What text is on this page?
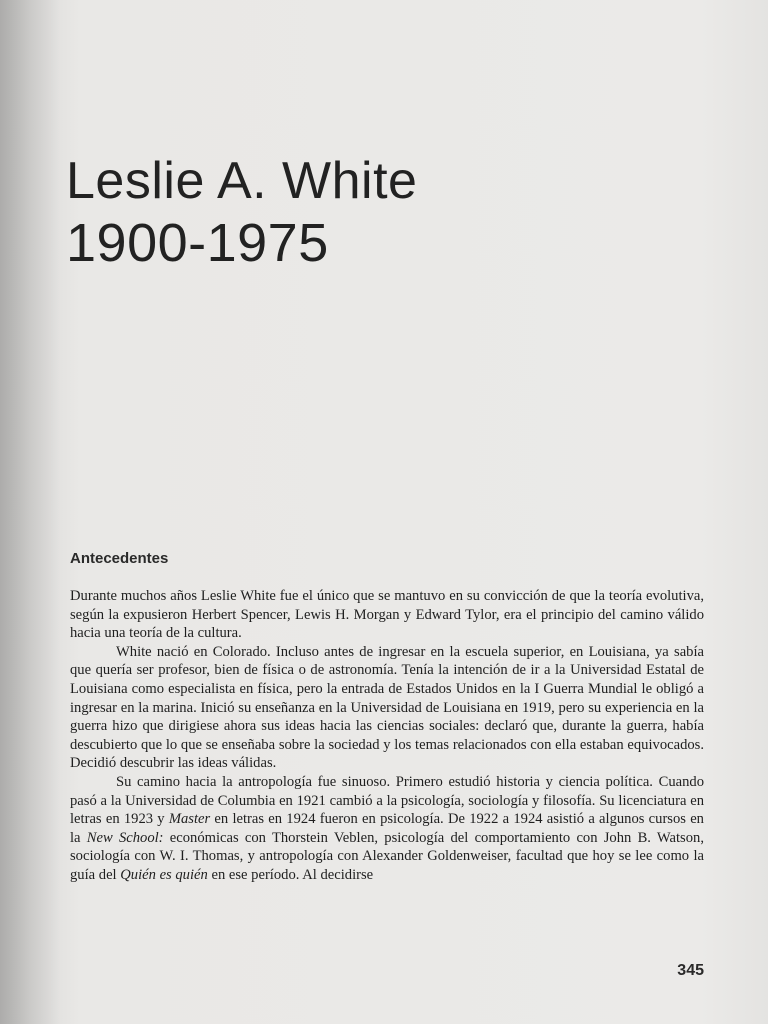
Leslie A. White
1900-1975
Antecedentes

Durante muchos años Leslie White fue el único que se mantuvo en su convicción de que la teoría evolutiva, según la expusieron Herbert Spencer, Lewis H. Morgan y Edward Tylor, era el principio del camino válido hacia una teoría de la cultura.

White nació en Colorado. Incluso antes de ingresar en la escuela superior, en Louisiana, ya sabía que quería ser profesor, bien de física o de astronomía. Tenía la intención de ir a la Universidad Estatal de Louisiana como especialista en física, pero la entrada de Estados Unidos en la I Guerra Mundial le obligó a ingresar en la marina. Inició su enseñanza en la Universidad de Louisiana en 1919, pero su experiencia en la guerra hizo que dirigiese ahora sus ideas hacia las ciencias sociales: declaró que, durante la guerra, había descubierto que lo que se enseñaba sobre la sociedad y los temas relacionados con ella estaban equivocados. Decidió descubrir las ideas válidas.

Su camino hacia la antropología fue sinuoso. Primero estudió historia y ciencia política. Cuando pasó a la Universidad de Columbia en 1921 cambió a la psicología, sociología y filosofía. Su licenciatura en letras en 1923 y Master en letras en 1924 fueron en psicología. De 1922 a 1924 asistió a algunos cursos en la New School: económicas con Thorstein Veblen, psicología del comportamiento con John B. Watson, sociología con W. I. Thomas, y antropología con Alexander Goldenweiser, facultad que hoy se lee como la guía del Quién es quién en ese período. Al decidirse

345
